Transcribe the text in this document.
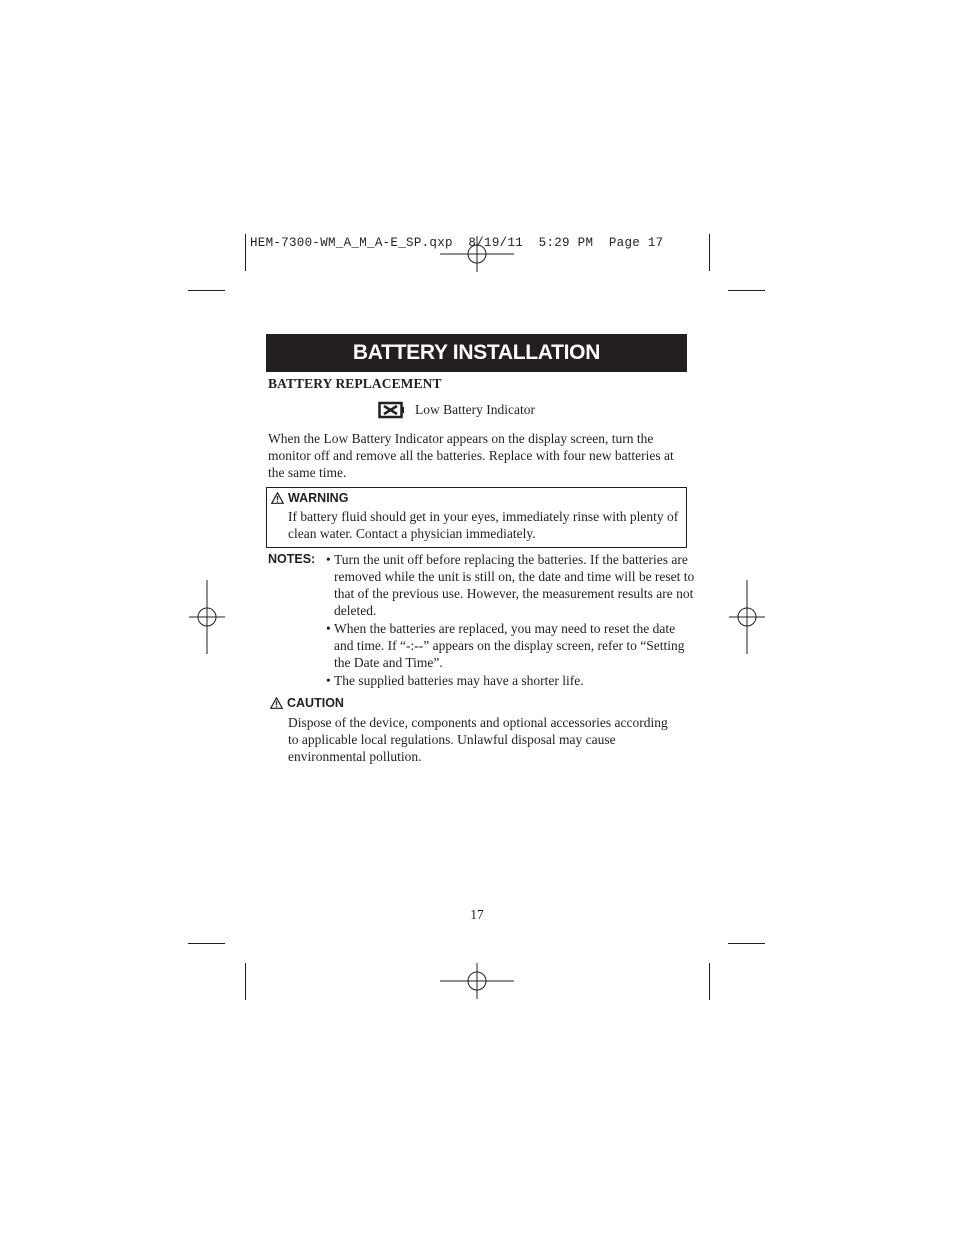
HEM-7300-WM_A_M_A-E_SP.qxp  8/19/11  5:29 PM  Page 17
BATTERY INSTALLATION
BATTERY REPLACEMENT
Low Battery Indicator
When the Low Battery Indicator appears on the display screen, turn the monitor off and remove all the batteries. Replace with four new batteries at the same time.
WARNING
If battery fluid should get in your eyes, immediately rinse with plenty of clean water. Contact a physician immediately.
NOTES: • Turn the unit off before replacing the batteries. If the batteries are removed while the unit is still on, the date and time will be reset to that of the previous use. However, the measurement results are not deleted.
• When the batteries are replaced, you may need to reset the date and time. If “-:--” appears on the display screen, refer to “Setting the Date and Time”.
• The supplied batteries may have a shorter life.
CAUTION
Dispose of the device, components and optional accessories according to applicable local regulations. Unlawful disposal may cause environmental pollution.
17
